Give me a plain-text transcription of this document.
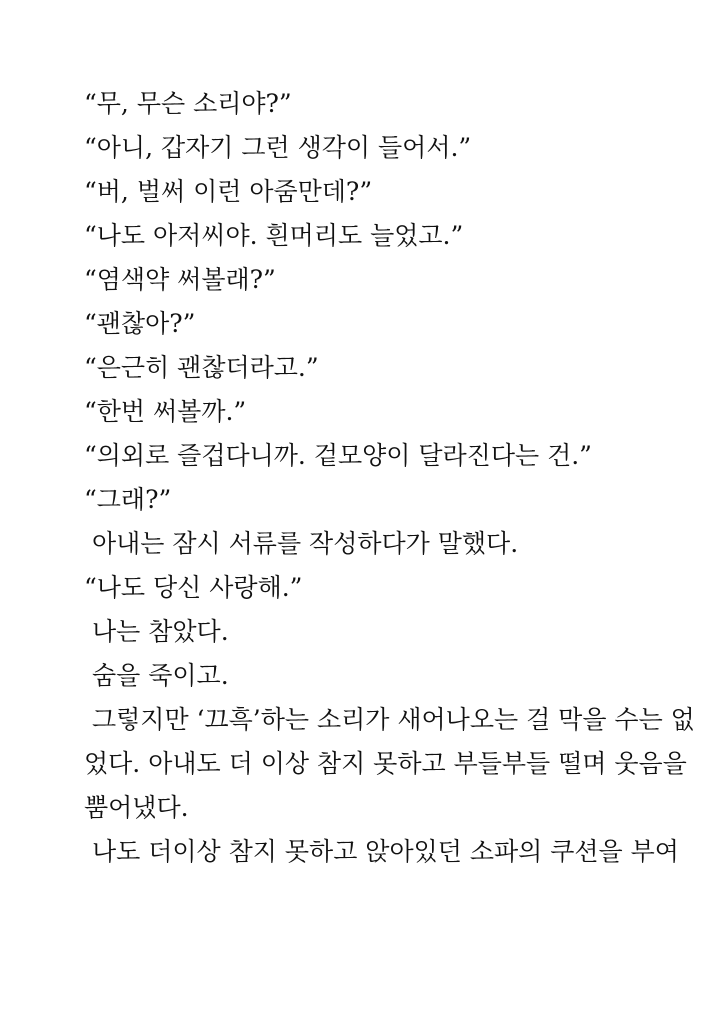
“무, 무슨 소리야?”
“아니, 갑자기 그런 생각이 들어서.”
“버, 벌써 이런 아줌만데?”
“나도 아저씨야. 흰머리도 늘었고.”
“염색약 써볼래?”
“괜찮아?”
“은근히 괜찮더라고.”
“한번 써볼까.”
“의외로 즐겁다니까. 겉모양이 달라진다는 건.”
“그래?”
아내는 잠시 서류를 작성하다가 말했다.
“나도 당신 사랑해.”
나는 참았다.
숨을 죽이고.
그렇지만 ‘끄흑’하는 소리가 새어나오는 걸 막을 수는 없
었다. 아내도 더 이상 참지 못하고 부들부들 떨며 웃음을
뿜어냈다.
나도 더이상 참지 못하고 앉아있던 소파의 쿠션을 부여
